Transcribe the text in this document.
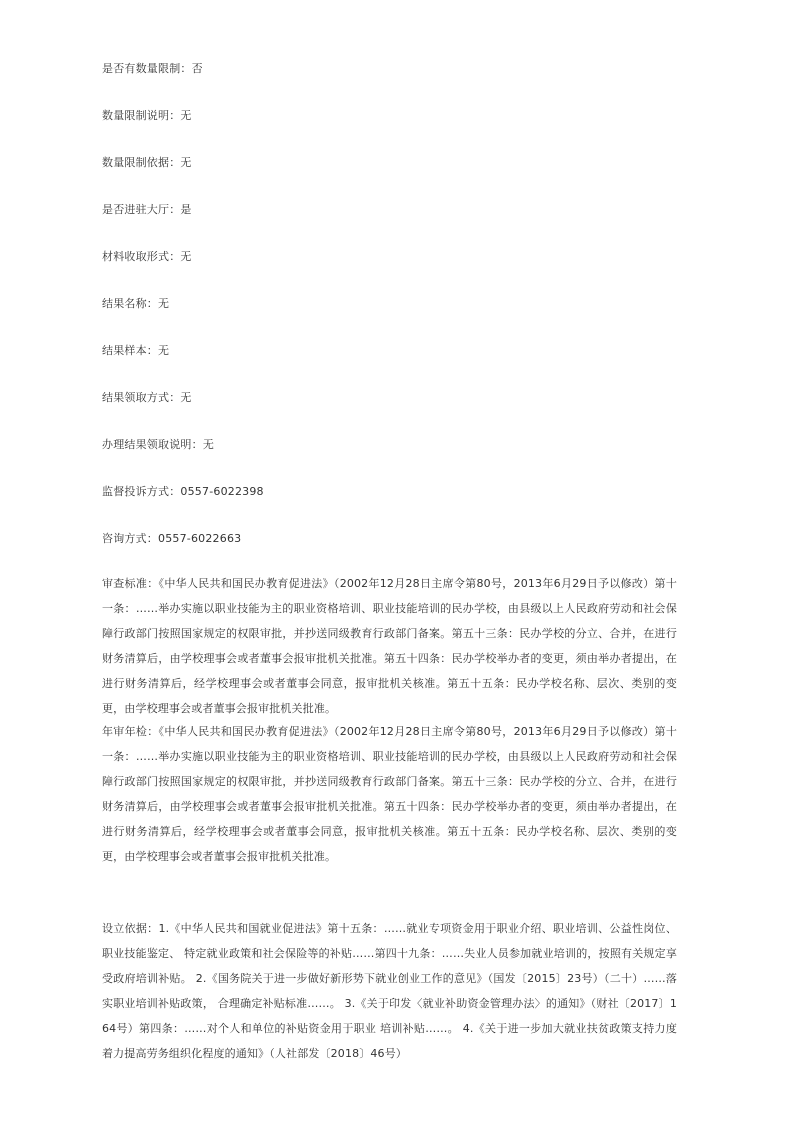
是否有数量限制：否
数量限制说明：无
数量限制依据：无
是否进驻大厅：是
材料收取形式：无
结果名称：无
结果样本：无
结果领取方式：无
办理结果领取说明：无
监督投诉方式：0557-6022398
咨询方式：0557-6022663
审查标准：《中华人民共和国民办教育促进法》（2002年12月28日主席令第80号，2013年6月29日予以修改）第十一条：……举办实施以职业技能为主的职业资格培训、职业技能培训的民办学校，由县级以上人民政府劳动和社会保障行政部门按照国家规定的权限审批，并抄送同级教育行政部门备案。第五十三条：民办学校的分立、合并，在进行财务清算后，由学校理事会或者董事会报审批机关批准。第五十四条：民办学校举办者的变更，须由举办者提出，在进行财务清算后，经学校理事会或者董事会同意，报审批机关核准。第五十五条：民办学校名称、层次、类别的变更，由学校理事会或者董事会报审批机关批准。
年审年检：《中华人民共和国民办教育促进法》（2002年12月28日主席令第80号，2013年6月29日予以修改）第十一条：……举办实施以职业技能为主的职业资格培训、职业技能培训的民办学校，由县级以上人民政府劳动和社会保障行政部门按照国家规定的权限审批，并抄送同级教育行政部门备案。第五十三条：民办学校的分立、合并，在进行财务清算后，由学校理事会或者董事会报审批机关批准。第五十四条：民办学校举办者的变更，须由举办者提出，在进行财务清算后，经学校理事会或者董事会同意，报审批机关核准。第五十五条：民办学校名称、层次、类别的变更，由学校理事会或者董事会报审批机关批准。
设立依据：1.《中华人民共和国就业促进法》第十五条：……就业专项资金用于职业介绍、职业培训、公益性岗位、职业技能鉴定、 特定就业政策和社会保险等的补贴……第四十九条：……失业人员参加就业培训的，按照有关规定享受政府培训补贴。 2.《国务院关于进一步做好新形势下就业创业工作的意见》（国发〔2015〕23号）（二十）……落实职业培训补贴政策， 合理确定补贴标准……。 3.《关于印发〈就业补助资金管理办法〉的通知》（财社〔2017〕164号）第四条：……对个人和单位的补贴资金用于职业 培训补贴……。 4.《关于进一步加大就业扶贫政策支持力度着力提高劳务组织化程度的通知》（人社部发〔2018〕46号）
